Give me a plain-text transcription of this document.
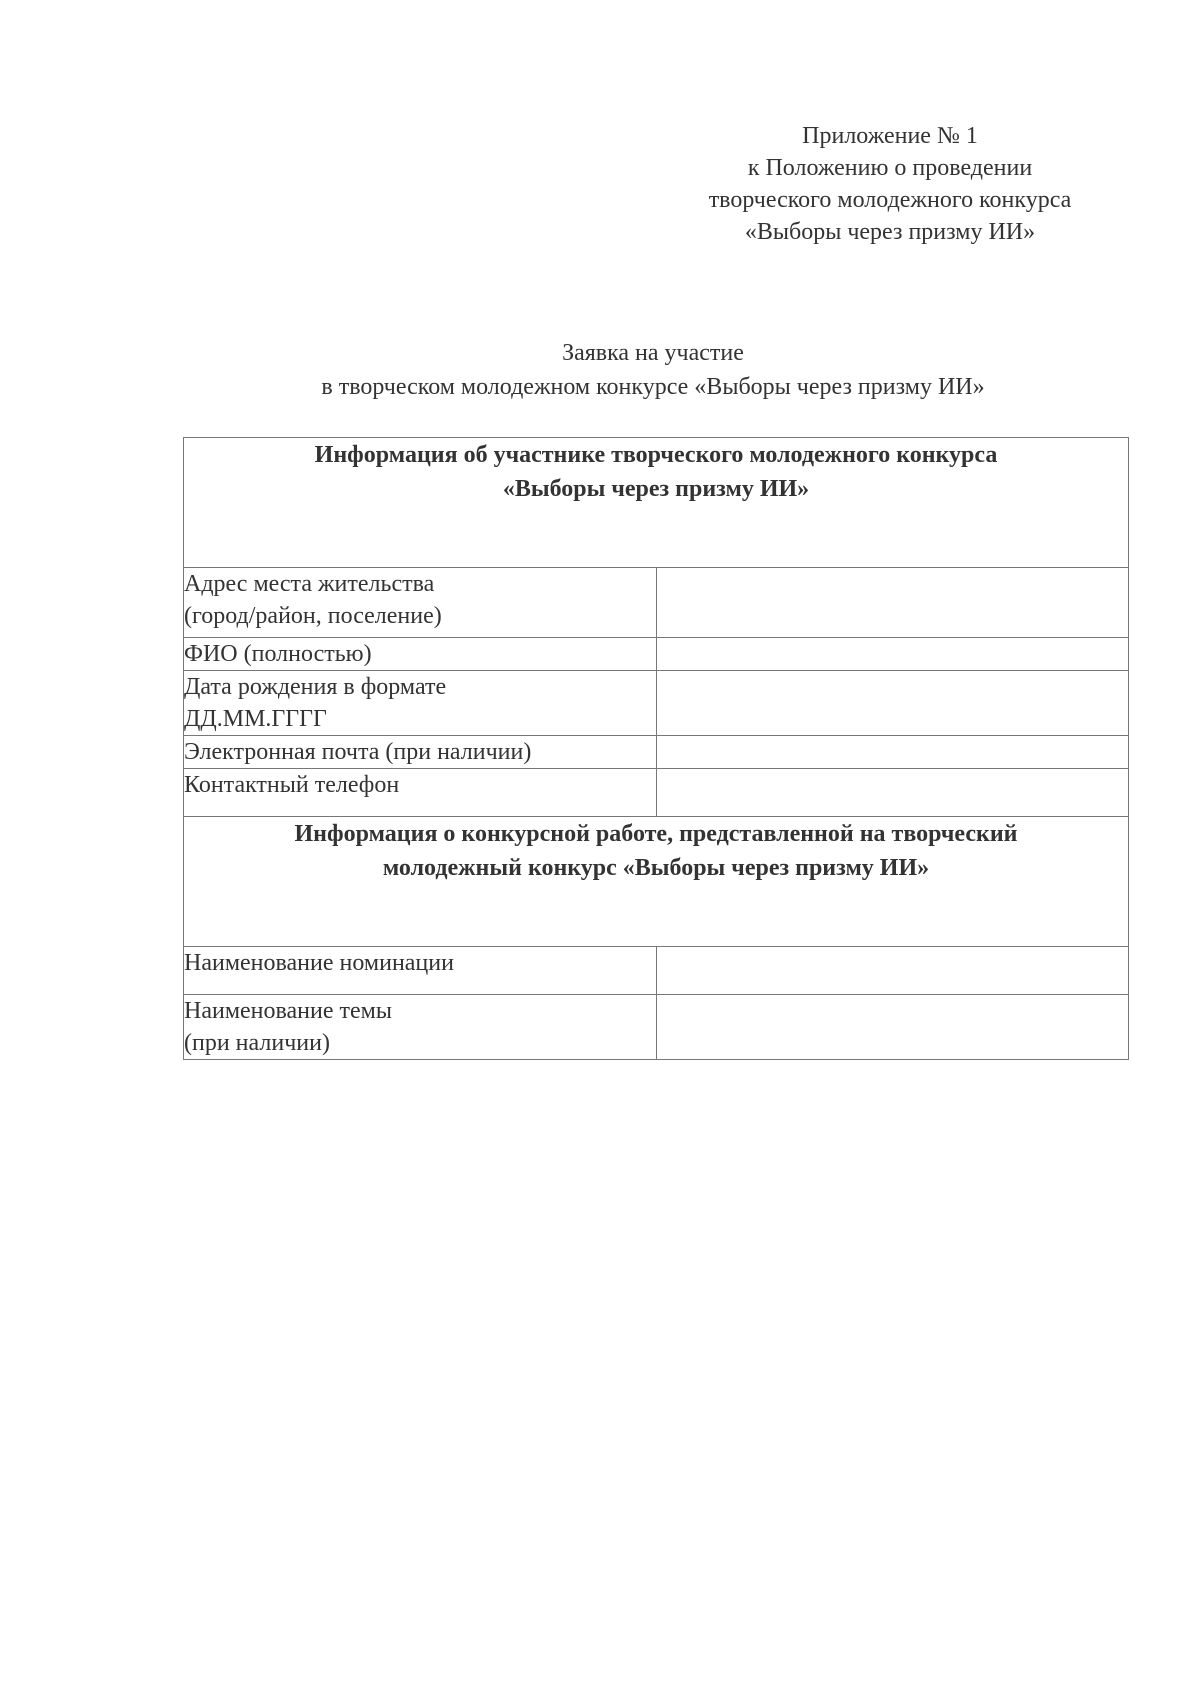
Приложение № 1
к Положению о проведении
творческого молодежного конкурса
«Выборы через призму ИИ»
Заявка на участие
в творческом молодежном конкурсе «Выборы через призму ИИ»
Информация об участнике творческого молодежного конкурса
«Выборы через призму ИИ»	

Адрес места жительства
(город/район, поселение)	

ФИО (полностью)	

Дата рождения в формате
ДД.ММ.ГГГГ	

Электронная почта (при наличии)	

Контактный телефон	

Информация о конкурсной работе, представленной на творческий
молодежный конкурс «Выборы через призму ИИ»	

Наименование номинации	

Наименование темы
(при наличии)	
